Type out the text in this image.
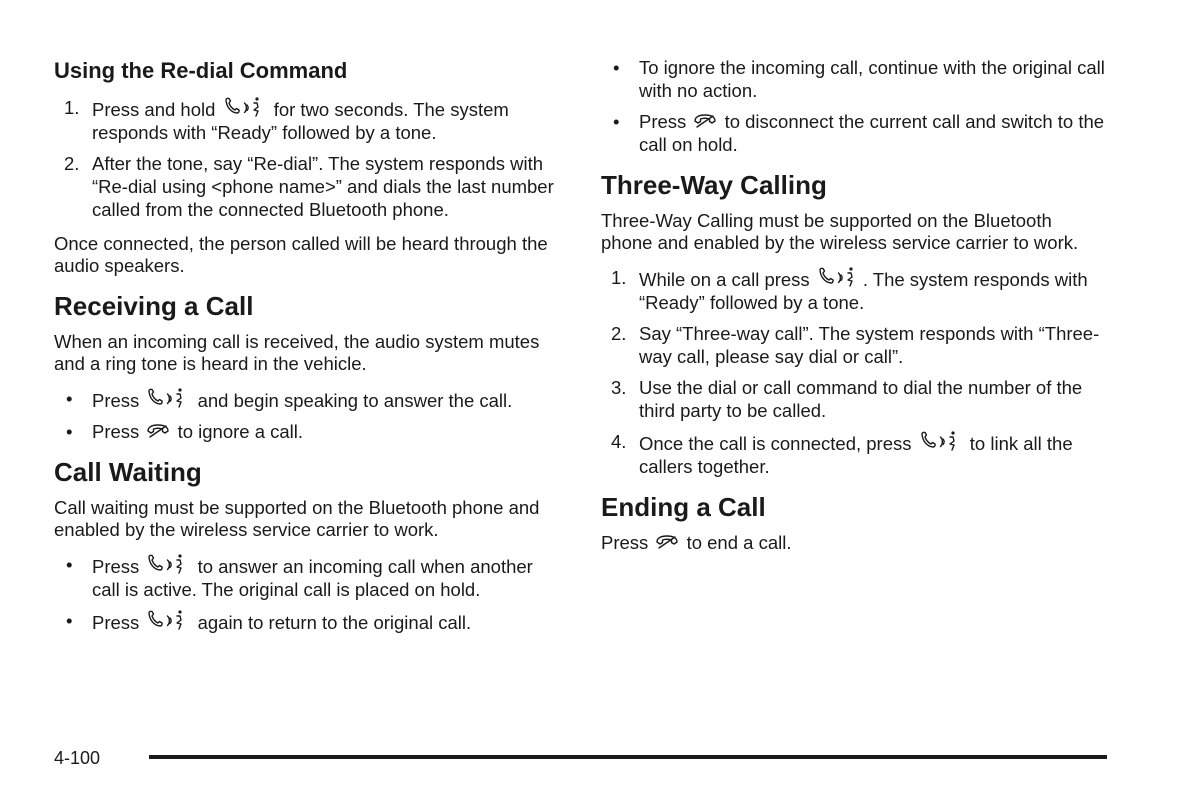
Using the Re-dial Command
1. Press and hold	for two seconds. The system responds with “Ready” followed by a tone.
2. After the tone, say “Re-dial”. The system responds with “Re-dial using <phone name>” and dials the last number called from the connected Bluetooth phone.

Once connected, the person called will be heard through the audio speakers.

Receiving a Call

When an incoming call is received, the audio system mutes and a ring tone is heard in the vehicle.

• Press	and begin speaking to answer the call.
• Press to ignore a call.
Call Waiting

Call waiting must be supported on the Bluetooth phone and enabled by the wireless service carrier to work.

• Press	to answer an incoming call when another call is active. The original call is placed on hold.
• Press	again to return to the original call.
• To ignore the incoming call, continue with the original call with no action.
• Press to disconnect the current call and switch to the call on hold.
Three-Way Calling

Three-Way Calling must be supported on the Bluetooth phone and enabled by the wireless service carrier to work.

1. While on a call press	. The system responds with “Ready” followed by a tone.
2. Say “Three-way call”. The system responds with “Three-way call, please say dial or call”.
3. Use the dial or call command to dial the number of the third party to be called.
4. Once the call is connected, press	to link all the callers together.
Ending a Call

Press to end a call.

4-100
